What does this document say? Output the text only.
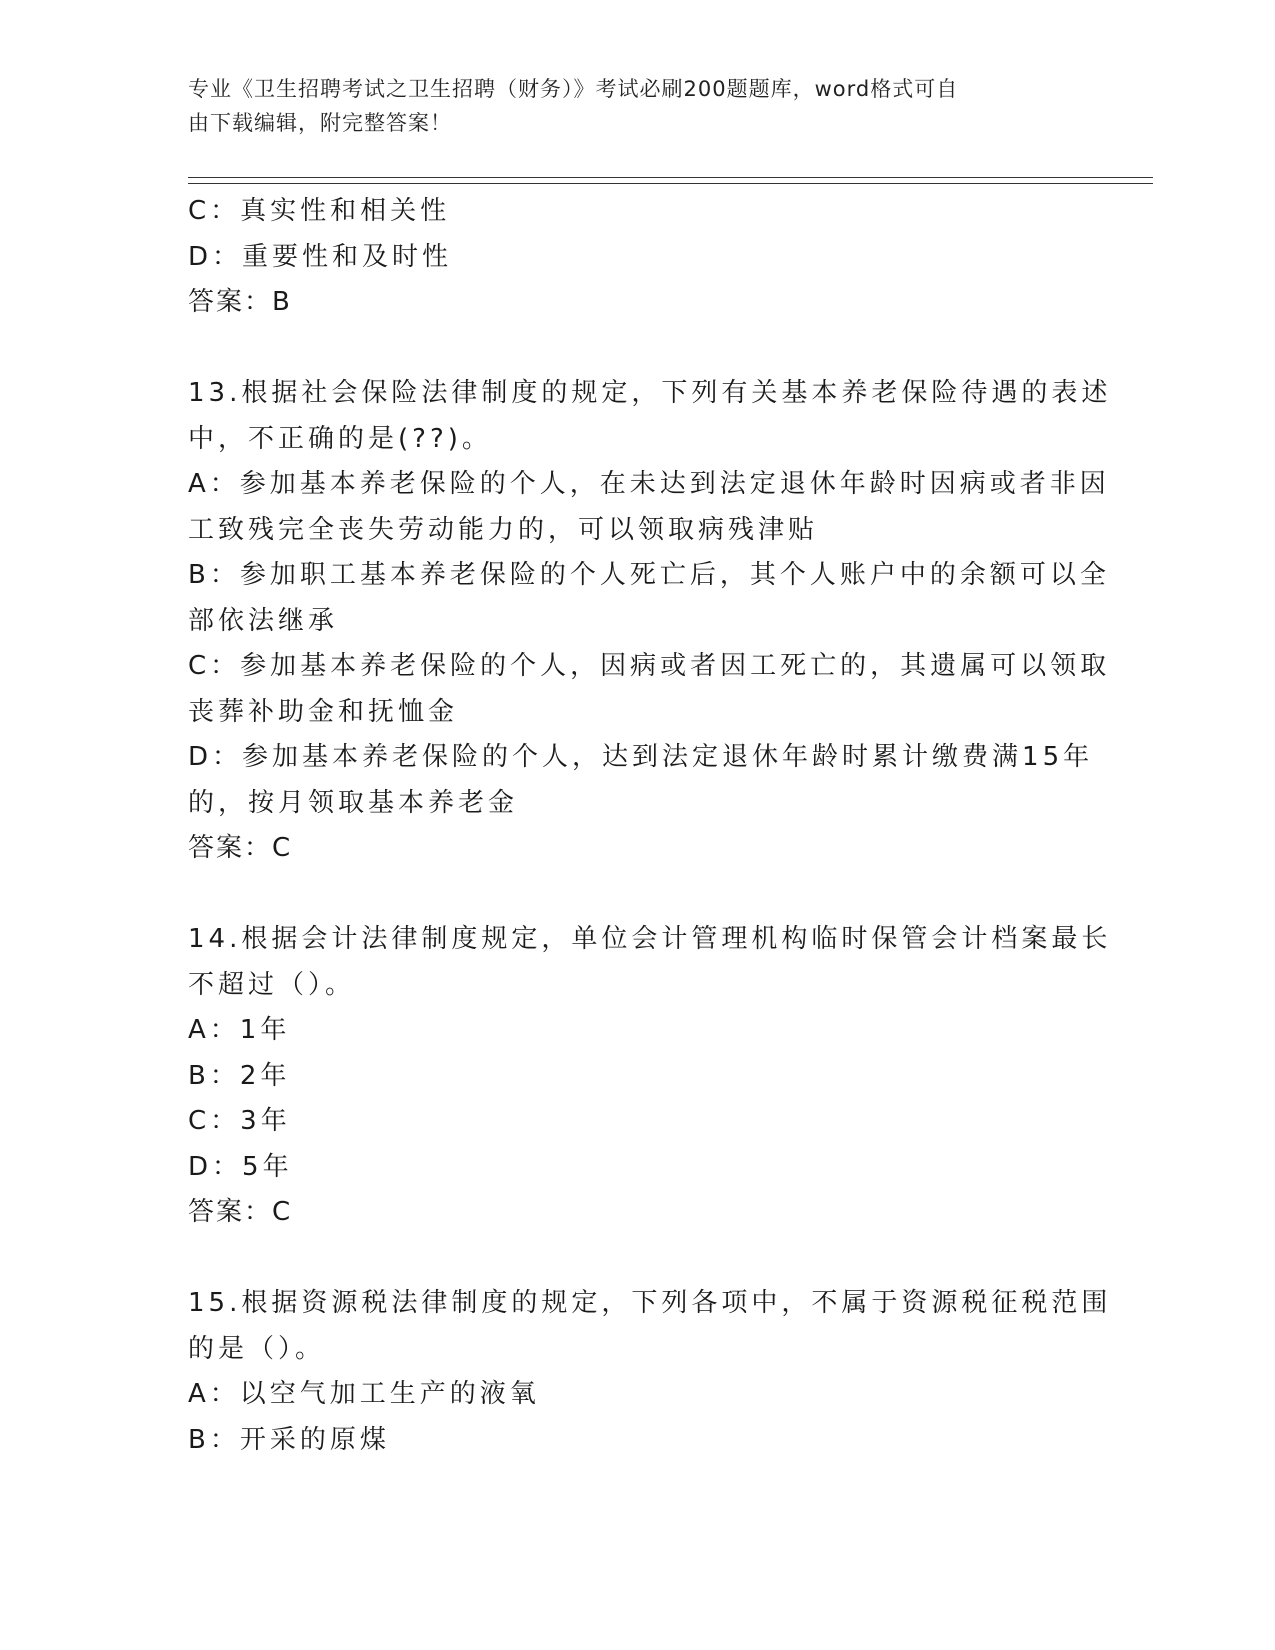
专业《卫生招聘考试之卫生招聘（财务）》考试必刷200题题库，word格式可自
由下载编辑，附完整答案！
C：真实性和相关性
D：重要性和及时性
答案：B
13.根据社会保险法律制度的规定，下列有关基本养老保险待遇的表述
中，不正确的是(??)。
A：参加基本养老保险的个人，在未达到法定退休年龄时因病或者非因
工致残完全丧失劳动能力的，可以领取病残津贴
B：参加职工基本养老保险的个人死亡后，其个人账户中的余额可以全
部依法继承
C：参加基本养老保险的个人，因病或者因工死亡的，其遗属可以领取
丧葬补助金和抚恤金
D：参加基本养老保险的个人，达到法定退休年龄时累计缴费满15年
的，按月领取基本养老金
答案：C
14.根据会计法律制度规定，单位会计管理机构临时保管会计档案最长
不超过（）。
A：1年
B：2年
C：3年
D：5年
答案：C
15.根据资源税法律制度的规定，下列各项中，不属于资源税征税范围
的是（）。
A：以空气加工生产的液氧
B：开采的原煤
